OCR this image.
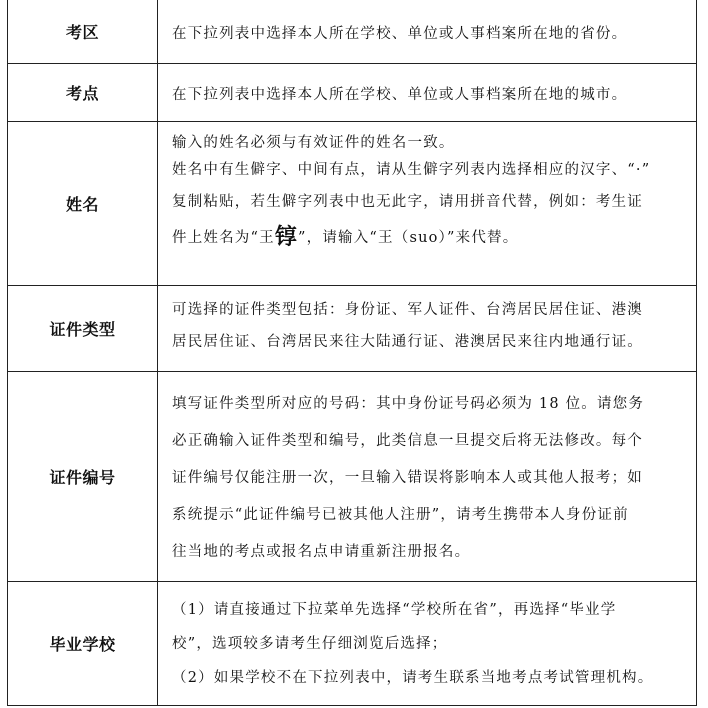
考区	在下拉列表中选择本人所在学校、单位或人事档案所在地的省份。
考点	在下拉列表中选择本人所在学校、单位或人事档案所在地的城市。
姓名
输入的姓名必须与有效证件的姓名一致。
姓名中有生僻字、中间有点，请从生僻字列表内选择相应的汉字、“·”
复制粘贴，若生僻字列表中也无此字，请用拼音代替，例如：考生证
件上姓名为“王𬭚”，请输入“王（suo）”来代替。
证件类型
可选择的证件类型包括：身份证、军人证件、台湾居民居住证、港澳
居民居住证、台湾居民来往大陆通行证、港澳居民来往内地通行证。
证件编号
填写证件类型所对应的号码：其中身份证号码必须为 18 位。请您务
必正确输入证件类型和编号，此类信息一旦提交后将无法修改。每个
证件编号仅能注册一次，一旦输入错误将影响本人或其他人报考；如
系统提示“此证件编号已被其他人注册”，请考生携带本人身份证前
往当地的考点或报名点申请重新注册报名。
毕业学校
（1）请直接通过下拉菜单先选择“学校所在省”，再选择“毕业学
校”，选项较多请考生仔细浏览后选择；
（2）如果学校不在下拉列表中，请考生联系当地考点考试管理机构。
